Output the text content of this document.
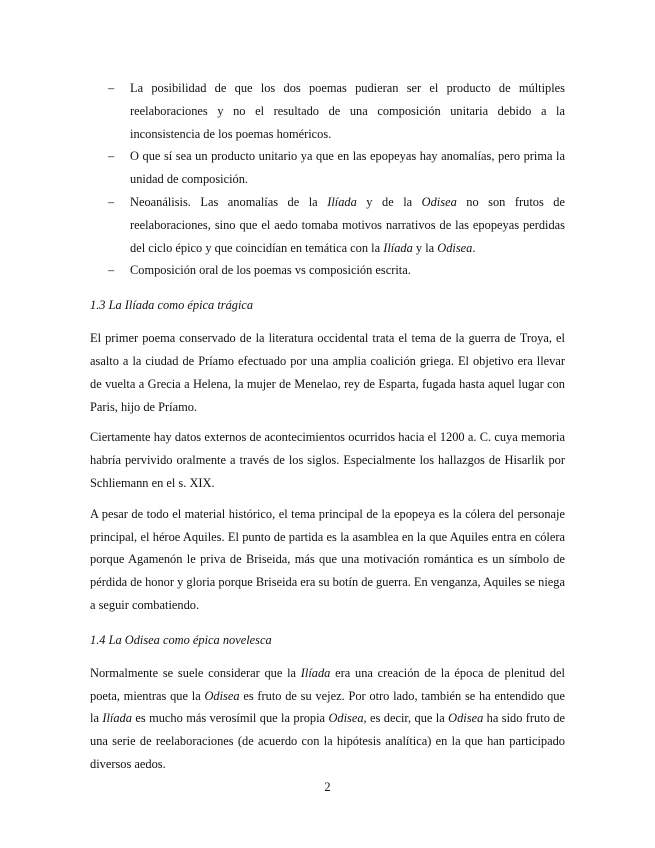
– La posibilidad de que los dos poemas pudieran ser el producto de múltiples reelaboraciones y no el resultado de una composición unitaria debido a la inconsistencia de los poemas homéricos.
– O que sí sea un producto unitario ya que en las epopeyas hay anomalías, pero prima la unidad de composición.
– Neoanálisis. Las anomalías de la Ilíada y de la Odisea no son frutos de reelaboraciones, sino que el aedo tomaba motivos narrativos de las epopeyas perdidas del ciclo épico y que coincidían en temática con la Ilíada y la Odisea.
– Composición oral de los poemas vs composición escrita.
1.3 La Ilíada como épica trágica

El primer poema conservado de la literatura occidental trata el tema de la guerra de Troya, el asalto a la ciudad de Príamo efectuado por una amplia coalición griega. El objetivo era llevar de vuelta a Grecia a Helena, la mujer de Menelao, rey de Esparta, fugada hasta aquel lugar con Paris, hijo de Príamo.

Ciertamente hay datos externos de acontecimientos ocurridos hacia el 1200 a. C. cuya memoria habría pervivido oralmente a través de los siglos. Especialmente los hallazgos de Hisarlik por Schliemann en el s. XIX.

A pesar de todo el material histórico, el tema principal de la epopeya es la cólera del personaje principal, el héroe Aquiles. El punto de partida es la asamblea en la que Aquiles entra en cólera porque Agamenón le priva de Briseida, más que una motivación romántica es un símbolo de pérdida de honor y gloria porque Briseida era su botín de guerra. En venganza, Aquiles se niega a seguir combatiendo.

1.4 La Odisea como épica novelesca

Normalmente se suele considerar que la Ilíada era una creación de la época de plenitud del poeta, mientras que la Odisea es fruto de su vejez. Por otro lado, también se ha entendido que la Ilíada es mucho más verosímil que la propia Odisea, es decir, que la Odisea ha sido fruto de una serie de reelaboraciones (de acuerdo con la hipótesis analítica) en la que han participado diversos aedos.

2
